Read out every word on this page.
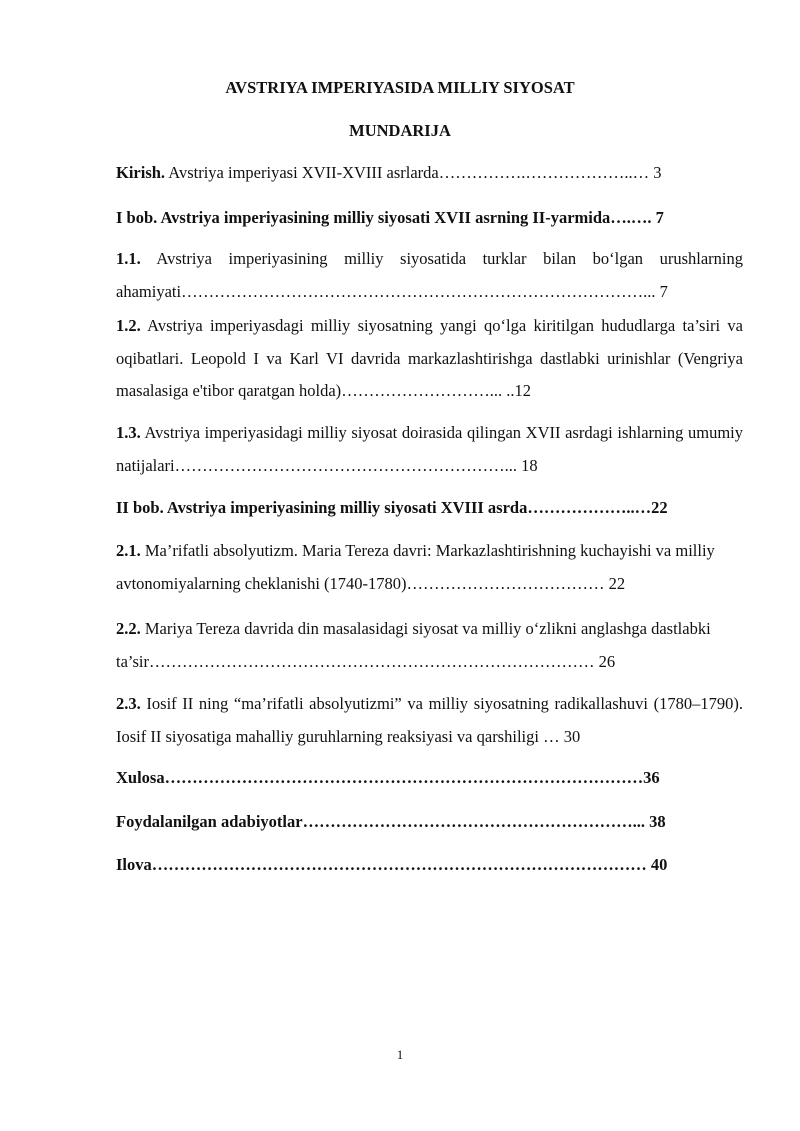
AVSTRIYA IMPERIYASIDA MILLIY SIYOSAT

MUNDARIJA

Kirish. Avstriya imperiyasi XVII-XVIII asrlarda…………….………………..… 3

I bob. Avstriya imperiyasining milliy siyosati XVII asrning II-yarmida….…. 7

1.1. Avstriya imperiyasining milliy siyosatida turklar bilan bo‘lgan urushlarning ahamiyati…………………………………………………………………………... 7

1.2. Avstriya imperiyasdagi milliy siyosatning yangi qo‘lga kiritilgan hududlarga ta’siri va oqibatlari. Leopold I va Karl VI davrida markazlashtirishga dastlabki urinishlar (Vengriya masalasiga e'tibor qaratgan holda)………………………... ..12

1.3. Avstriya imperiyasidagi milliy siyosat doirasida qilingan XVII asrdagi ishlarning umumiy natijalari……………………………………………………... 18

II bob. Avstriya imperiyasining milliy siyosati XVIII asrda………………..…22

2.1. Ma’rifatli absolyutizm. Maria Tereza davri: Markazlashtirishning kuchayishi va milliy avtonomiyalarning cheklanishi (1740-1780)……………………………… 22

2.2. Mariya Tereza davrida din masalasidagi siyosat va milliy o‘zlikni anglashga dastlabki ta’sir……………………………………………………………………… 26

2.3. Iosif II ning “ma’rifatli absolyutizmi” va milliy siyosatning radikallashuvi (1780–1790). Iosif II siyosatiga mahalliy guruhlarning reaksiyasi va qarshiligi … 30

Xulosa……………………………………………………………………………36

Foydalanilgan adabiyotlar……………………………………………………... 38

Ilova……………………………………………………………………………… 40

1
